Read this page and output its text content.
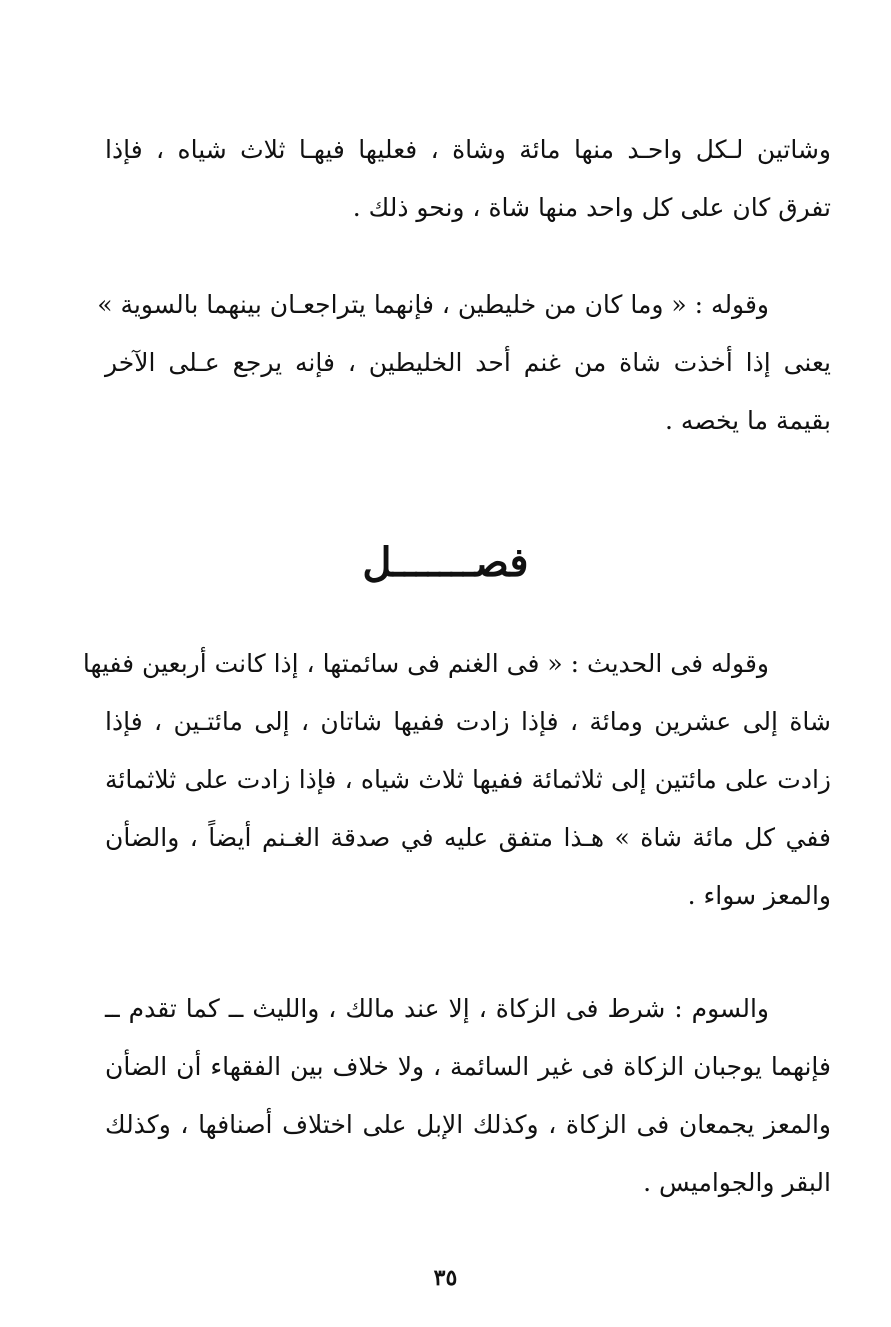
وشاتين لـكل واحـد منها مائة وشاة ، فعليها فيهـا ثلاث شياه ، فإذا
تفرق كان على كل واحد منها شاة ، ونحو ذلك .
وقوله : « وما كان من خليطين ، فإنهما يتراجعـان بينهما بالسوية »
يعنى إذا أخذت شاة من غنم أحد الخليطين ، فإنه يرجع عـلى الآخر
بقيمة ما يخصه .
فصـــــــل
وقوله فى الحديث : « فى الغنم فى سائمتها ، إذا كانت أربعين ففيها
شاة إلى عشرين ومائة ، فإذا زادت ففيها شاتان ، إلى مائتـين ، فإذا
زادت على مائتين إلى ثلاثمائة ففيها ثلاث شياه ، فإذا زادت على ثلاثمائة
ففي كل مائة شاة » هـذا متفق عليه في صدقة الغـنم أيضاً ، والضأن
والمعز سواء .
والسوم : شرط فى الزكاة ، إلا عند مالك ، والليث ــ كما تقدم ــ
فإنهما يوجبان الزكاة فى غير السائمة ، ولا خلاف بين الفقهاء أن الضأن
والمعز يجمعان فى الزكاة ، وكذلك الإبل على اختلاف أصنافها ، وكذلك
البقر والجواميس .
٣٥
